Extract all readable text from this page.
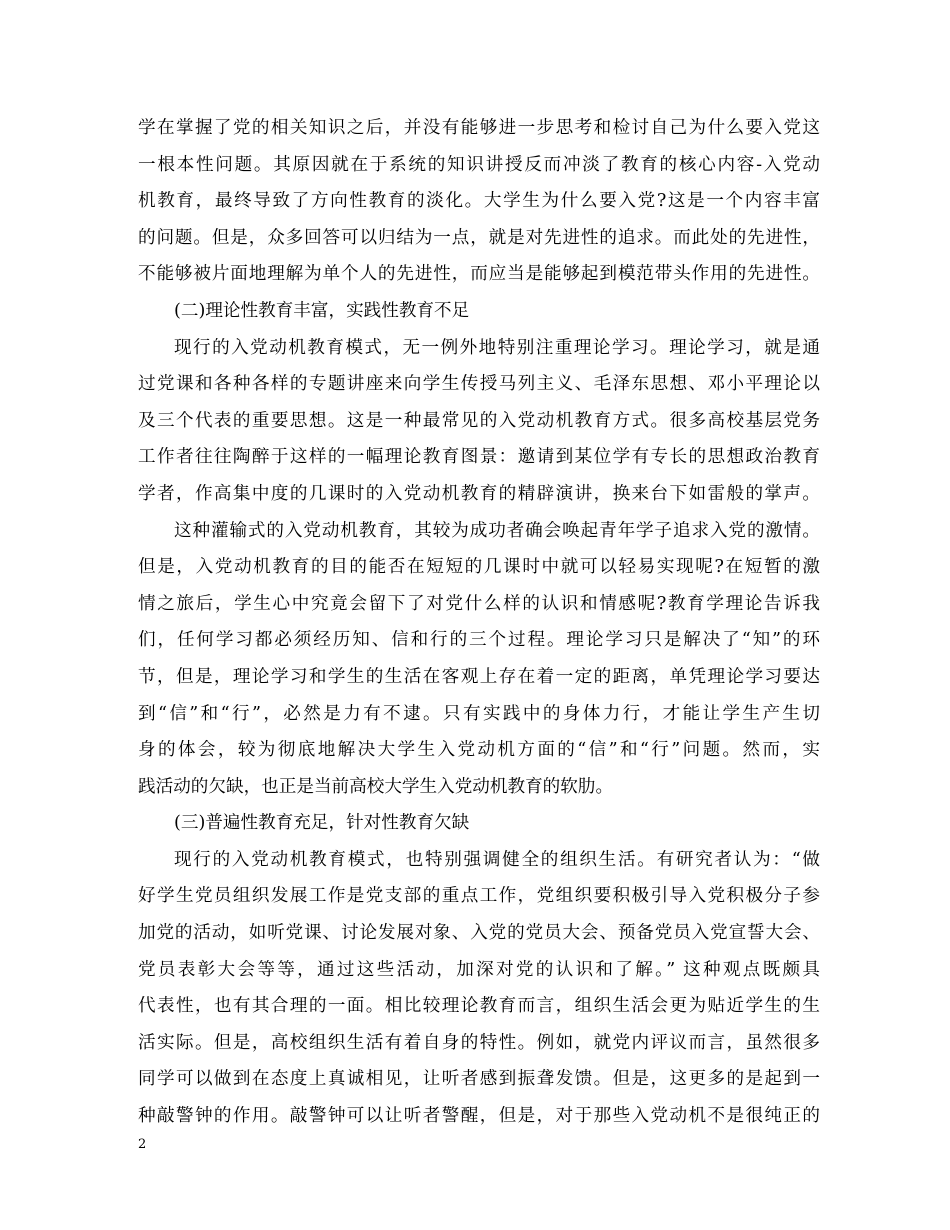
学在掌握了党的相关知识之后，并没有能够进一步思考和检讨自己为什么要入党这
一根本性问题。其原因就在于系统的知识讲授反而冲淡了教育的核心内容-入党动
机教育，最终导致了方向性教育的淡化。大学生为什么要入党?这是一个内容丰富
的问题。但是，众多回答可以归结为一点，就是对先进性的追求。而此处的先进性，
不能够被片面地理解为单个人的先进性，而应当是能够起到模范带头作用的先进性。
(二)理论性教育丰富，实践性教育不足
现行的入党动机教育模式，无一例外地特别注重理论学习。理论学习，就是通
过党课和各种各样的专题讲座来向学生传授马列主义、毛泽东思想、邓小平理论以
及三个代表的重要思想。这是一种最常见的入党动机教育方式。很多高校基层党务
工作者往往陶醉于这样的一幅理论教育图景：邀请到某位学有专长的思想政治教育
学者，作高集中度的几课时的入党动机教育的精辟演讲，换来台下如雷般的掌声。
这种灌输式的入党动机教育，其较为成功者确会唤起青年学子追求入党的激情。
但是，入党动机教育的目的能否在短短的几课时中就可以轻易实现呢?在短暂的激
情之旅后，学生心中究竟会留下了对党什么样的认识和情感呢?教育学理论告诉我
们，任何学习都必须经历知、信和行的三个过程。理论学习只是解决了“知”的环
节，但是，理论学习和学生的生活在客观上存在着一定的距离，单凭理论学习要达
到“信”和“行”，必然是力有不逮。只有实践中的身体力行，才能让学生产生切
身的体会，较为彻底地解决大学生入党动机方面的“信”和“行”问题。然而，实
践活动的欠缺，也正是当前高校大学生入党动机教育的软肋。
(三)普遍性教育充足，针对性教育欠缺
现行的入党动机教育模式，也特别强调健全的组织生活。有研究者认为：“做
好学生党员组织发展工作是党支部的重点工作，党组织要积极引导入党积极分子参
加党的活动，如听党课、讨论发展对象、入党的党员大会、预备党员入党宣誓大会、
党员表彰大会等等，通过这些活动，加深对党的认识和了解。” 这种观点既颇具
代表性，也有其合理的一面。相比较理论教育而言，组织生活会更为贴近学生的生
活实际。但是，高校组织生活有着自身的特性。例如，就党内评议而言，虽然很多
同学可以做到在态度上真诚相见，让听者感到振聋发馈。但是，这更多的是起到一
种敲警钟的作用。敲警钟可以让听者警醒，但是，对于那些入党动机不是很纯正的
2
